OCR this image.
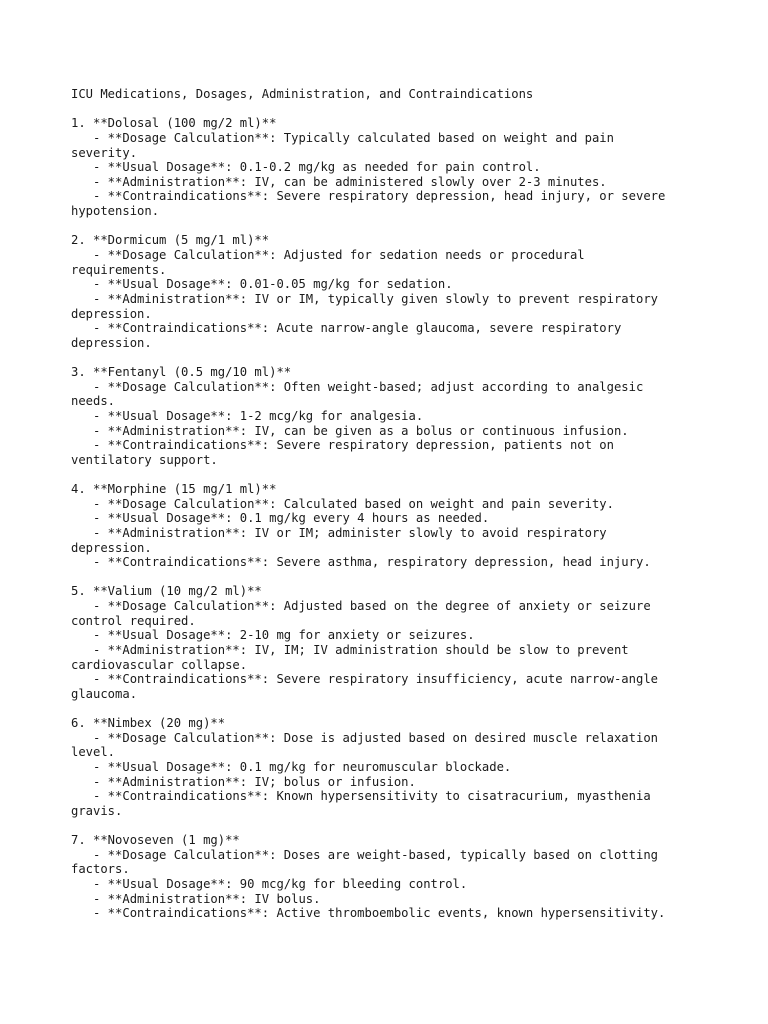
ICU Medications, Dosages, Administration, and Contraindications
1. **Dolosal (100 mg/2 ml)**
- **Dosage Calculation**: Typically calculated based on weight and pain
severity.
- **Usual Dosage**: 0.1-0.2 mg/kg as needed for pain control.
- **Administration**: IV, can be administered slowly over 2-3 minutes.
- **Contraindications**: Severe respiratory depression, head injury, or severe
hypotension.
2. **Dormicum (5 mg/1 ml)**
- **Dosage Calculation**: Adjusted for sedation needs or procedural
requirements.
- **Usual Dosage**: 0.01-0.05 mg/kg for sedation.
- **Administration**: IV or IM, typically given slowly to prevent respiratory
depression.
- **Contraindications**: Acute narrow-angle glaucoma, severe respiratory
depression.
3. **Fentanyl (0.5 mg/10 ml)**
- **Dosage Calculation**: Often weight-based; adjust according to analgesic
needs.
- **Usual Dosage**: 1-2 mcg/kg for analgesia.
- **Administration**: IV, can be given as a bolus or continuous infusion.
- **Contraindications**: Severe respiratory depression, patients not on
ventilatory support.
4. **Morphine (15 mg/1 ml)**
- **Dosage Calculation**: Calculated based on weight and pain severity.
- **Usual Dosage**: 0.1 mg/kg every 4 hours as needed.
- **Administration**: IV or IM; administer slowly to avoid respiratory
depression.
- **Contraindications**: Severe asthma, respiratory depression, head injury.
5. **Valium (10 mg/2 ml)**
- **Dosage Calculation**: Adjusted based on the degree of anxiety or seizure
control required.
- **Usual Dosage**: 2-10 mg for anxiety or seizures.
- **Administration**: IV, IM; IV administration should be slow to prevent
cardiovascular collapse.
- **Contraindications**: Severe respiratory insufficiency, acute narrow-angle
glaucoma.
6. **Nimbex (20 mg)**
- **Dosage Calculation**: Dose is adjusted based on desired muscle relaxation
level.
- **Usual Dosage**: 0.1 mg/kg for neuromuscular blockade.
- **Administration**: IV; bolus or infusion.
- **Contraindications**: Known hypersensitivity to cisatracurium, myasthenia
gravis.
7. **Novoseven (1 mg)**
- **Dosage Calculation**: Doses are weight-based, typically based on clotting
factors.
- **Usual Dosage**: 90 mcg/kg for bleeding control.
- **Administration**: IV bolus.
- **Contraindications**: Active thromboembolic events, known hypersensitivity.
